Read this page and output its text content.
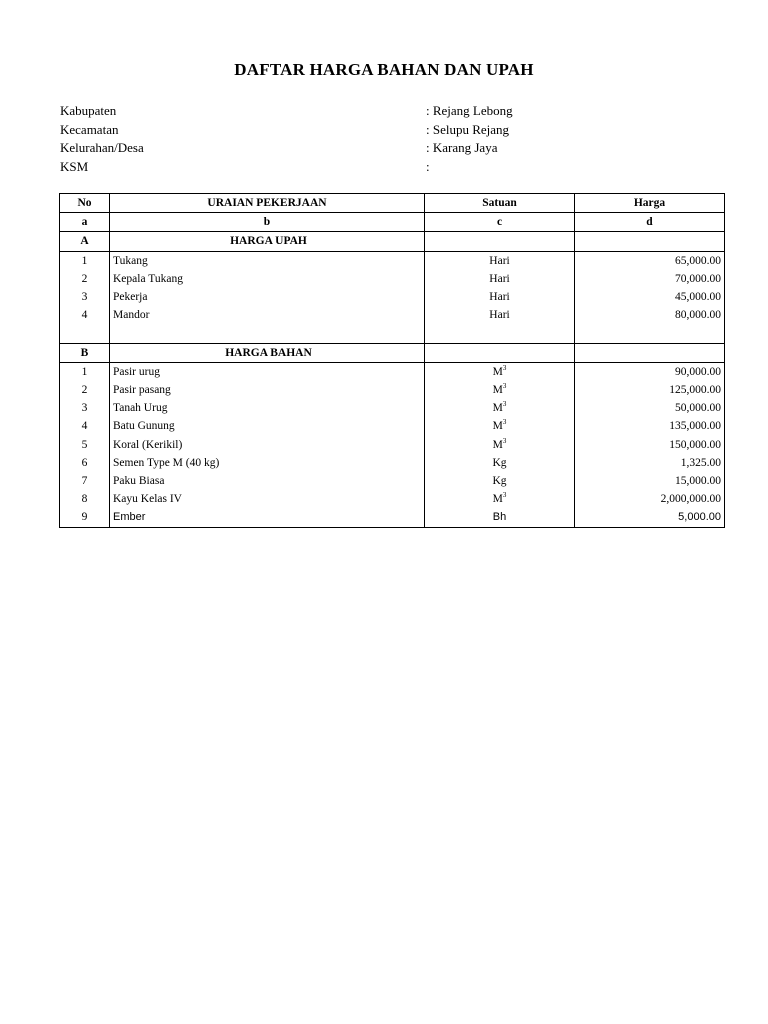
DAFTAR HARGA BAHAN DAN UPAH
Kabupaten	: Rejang Lebong
Kecamatan	: Selupu Rejang
Kelurahan/Desa	: Karang Jaya
KSM	:
No	URAIAN PEKERJAAN	Satuan	Harga
a	b	c	d
A	HARGA UPAH		
1	Tukang	Hari	65,000.00
2	Kepala Tukang	Hari	70,000.00
3	Pekerja	Hari	45,000.00
4	Mandor	Hari	80,000.00

B	HARGA BAHAN		
1	Pasir urug	$M^3$	90,000.00
2	Pasir pasang	$M^3$	125,000.00
3	Tanah Urug	$M^3$	50,000.00
4	Batu Gunung	$M^3$	135,000.00
5	Koral (Kerikil)	$M^3$	150,000.00
6	Semen Type M (40 kg)	Kg	1,325.00
7	Paku Biasa	Kg	15,000.00
8	Kayu Kelas IV	$M^3$	2,000,000.00
9	Ember	Bh	5,000.00
